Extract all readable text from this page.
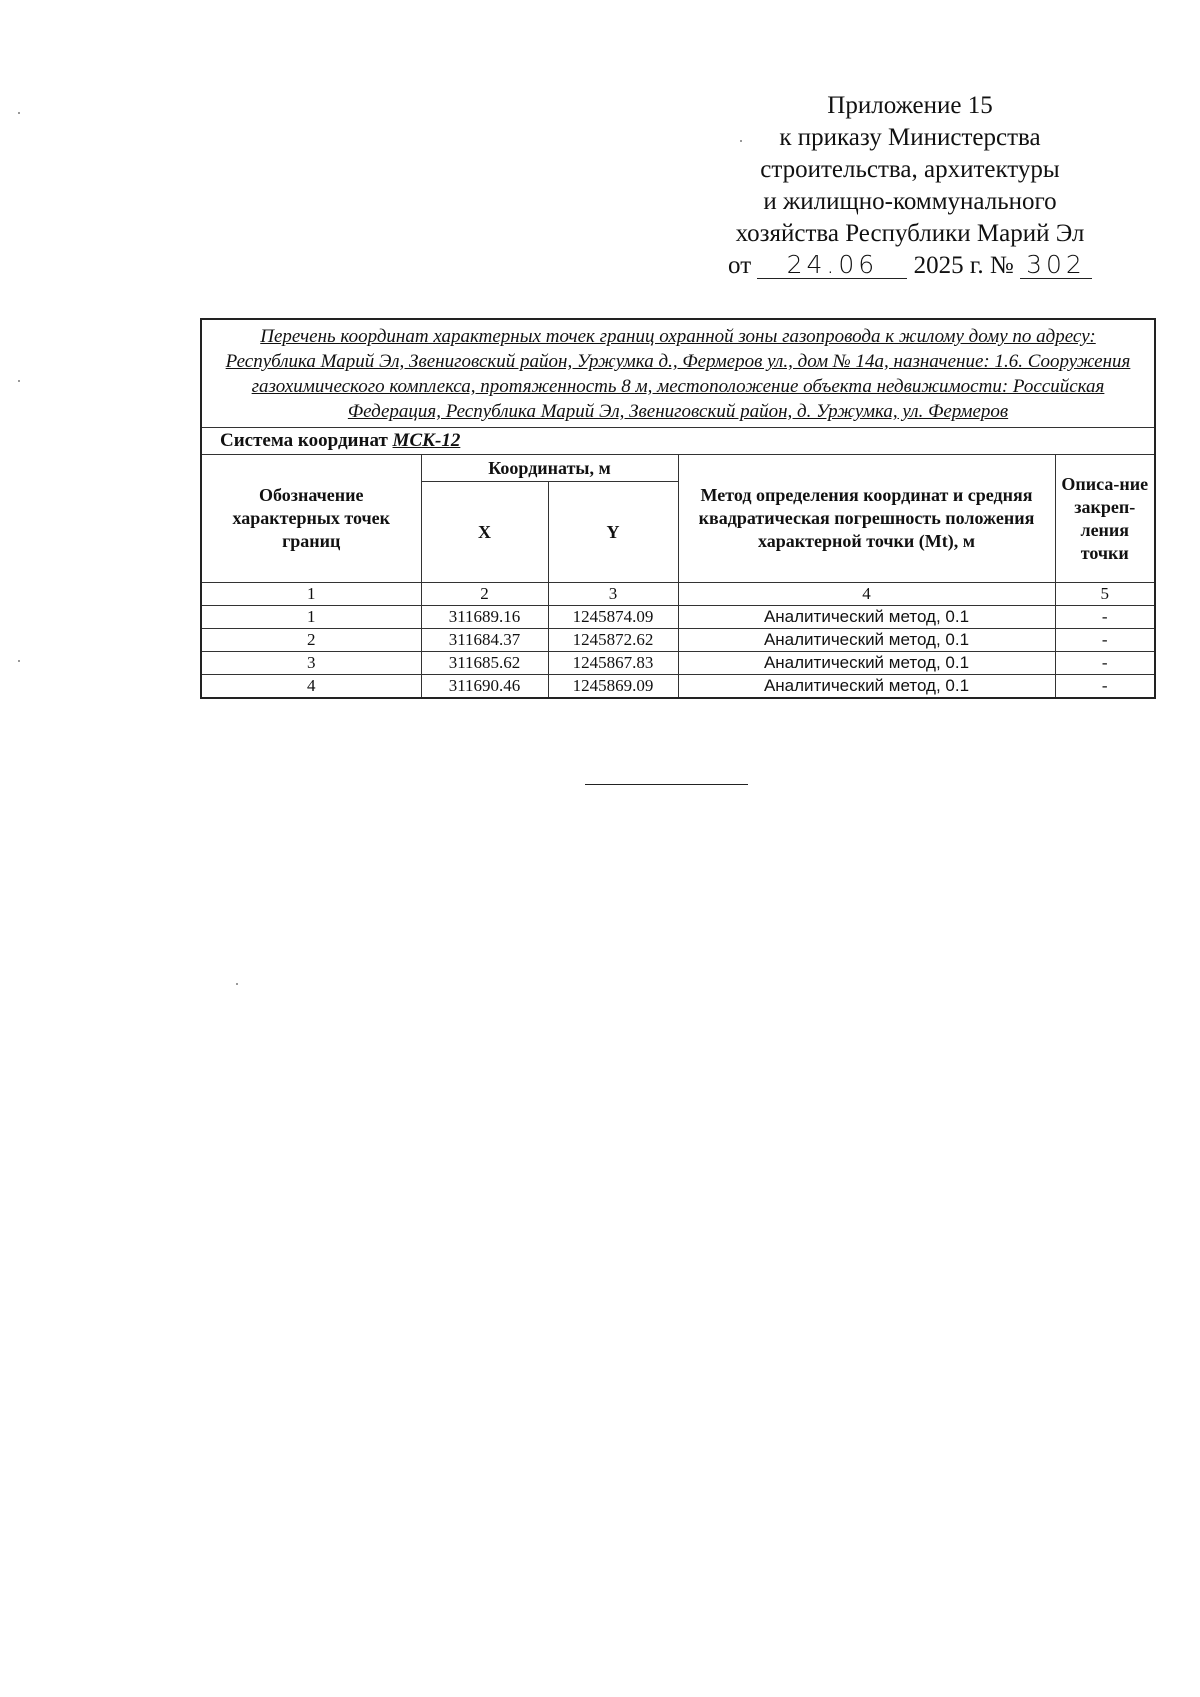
Приложение 15
к приказу Министерства
строительства, архитектуры
и жилищно-коммунального
хозяйства Республики Марий Эл
от 24.06 2025 г. № 302
Перечень координат характерных точек границ охранной зоны газопровода к жилому дому по адресу: Республика Марий Эл, Звениговский район, Уржумка д., Фермеров ул., дом № 14а, назначение: 1.6. Сооружения газохимического комплекса, протяженность 8 м, местоположение объекта недвижимости: Российская Федерация, Республика Марий Эл, Звениговский район, д. Уржумка, ул. Фермеров				
Система координат МСК-12				
Обозначение характерных точек границ	Координаты, м		Метод определения координат и средняя квадратическая погрешность положения характерной точки (Mt), м	Описа-ние закреп-ления точки
	X	Y		
1	2	3	4	5
1	311689.16	1245874.09	Аналитический метод, 0.1	-
2	311684.37	1245872.62	Аналитический метод, 0.1	-
3	311685.62	1245867.83	Аналитический метод, 0.1	-
4	311690.46	1245869.09	Аналитический метод, 0.1	-
